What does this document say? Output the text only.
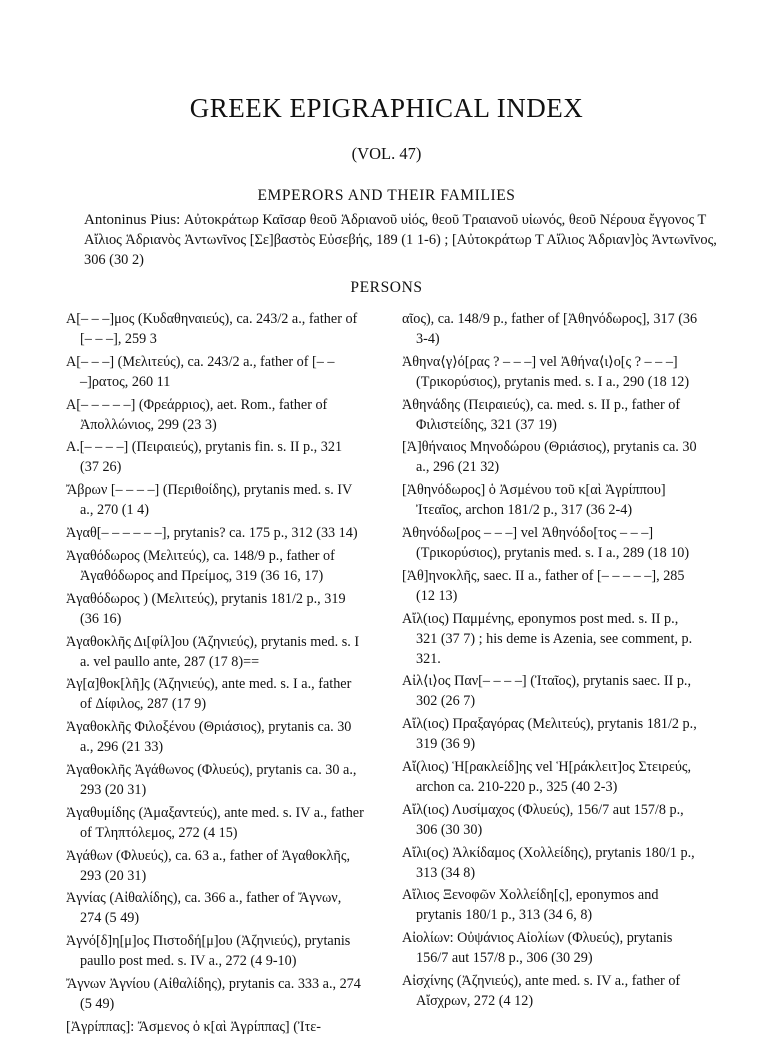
GREEK EPIGRAPHICAL INDEX
(VOL. 47)
EMPERORS AND THEIR FAMILIES
Antoninus Pius: Αὐτοκράτωρ Καῖσαρ θεοῦ Ἁδριανοῦ υἱός, θεοῦ Τραιανοῦ υἱωνός, θεοῦ Νέρουα ἔγγονος Τ Αἴλιος Ἁδριανὸς Ἀντωνῖνος [Σε]βαστὸς Εὐσεβής, 189 (1 1-6) ; [Αὐτοκράτωρ Τ Αἴλιος Ἁδριαν]ὸς Ἀντωνῖνος, 306 (30 2)
PERSONS
Α[– – –]μος (Κυδαθηναιεύς), ca. 243/2 a., father of [– – –], 259 3
Α[– – –] (Μελιτεύς), ca. 243/2 a., father of [– – –]ρατος, 260 11
Α[– – – – –] (Φρεάρριος), aet. Rom., father of Ἀπολλώνιος, 299 (23 3)
Α.[– – – –] (Πειραιεύς), prytanis fin. s. II p., 321 (37 26)
Ἄβρων [– – – –] (Περιθοίδης), prytanis med. s. IV a., 270 (1 4)
Ἀγαθ[– – – – – –], prytanis? ca. 175 p., 312 (33 14)
Ἀγαθόδωρος (Μελιτεύς), ca. 148/9 p., father of Ἀγαθόδωρος and Πρείμος, 319 (36 16, 17)
Ἀγαθόδωρος ) (Μελιτεύς), prytanis 181/2 p., 319 (36 16)
Ἀγαθοκλῆς Δι[φίλ]ου (Ἀζηνιεύς), prytanis med. s. I a. vel paullo ante, 287 (17 8)==
Ἀγ[α]θοκ[λῆ]ς (Ἀζηνιεύς), ante med. s. I a., father of Δίφιλος, 287 (17 9)
Ἀγαθοκλῆς Φιλοξένου (Θριάσιος), prytanis ca. 30 a., 296 (21 33)
Ἀγαθοκλῆς Ἀγάθωνος (Φλυεύς), prytanis ca. 30 a., 293 (20 31)
Ἀγαθυμίδης (Ἀμαξαντεύς), ante med. s. IV a., father of Τληπτόλεμος, 272 (4 15)
Ἀγάθων (Φλυεύς), ca. 63 a., father of Ἀγαθοκλῆς, 293 (20 31)
Ἀγνίας (Αἰθαλίδης), ca. 366 a., father of Ἄγνων, 274 (5 49)
Ἀγνό[δ]η[μ]ος Πιστοδή[μ]ου (Ἀζηνιεύς), prytanis paullo post med. s. IV a., 272 (4 9-10)
Ἄγνων Ἀγνίου (Αἰθαλίδης), prytanis ca. 333 a., 274 (5 49)
[Ἀγρίππας]: Ἄσμενος ὁ κ[αὶ Ἀγρίππας] (Ἰτε-
αῖος), ca. 148/9 p., father of [Ἀθηνόδωρος], 317 (36 3-4)
Ἀθηνα⟨γ⟩ό[ρας ? – – –] vel Ἀθήνα⟨ι⟩ο[ς ? – – –] (Τρικορύσιος), prytanis med. s. I a., 290 (18 12)
Ἀθηνάδης (Πειραιεύς), ca. med. s. II p., father of Φιλιστείδης, 321 (37 19)
[Ἀ]θήναιος Μηνοδώρου (Θριάσιος), prytanis ca. 30 a., 296 (21 32)
[Ἀθηνόδωρος] ὁ Ἀσμένου τοῦ κ[αὶ Ἀγρίππου] Ἰτεαῖος, archon 181/2 p., 317 (36 2-4)
Ἀθηνόδω[ρος – – –] vel Ἀθηνόδο[τος – – –] (Τρικορύσιος), prytanis med. s. I a., 289 (18 10)
[Ἀθ]ηνοκλῆς, saec. II a., father of [– – – – –], 285 (12 13)
Αἴλ(ιος) Παμμένης, eponymos post med. s. II p., 321 (37 7) ; his deme is Azenia, see comment, p. 321.
Αἰλ⟨ι⟩ος Παν[– – – –] (Ἰταῖος), prytanis saec. II p., 302 (26 7)
Αἴλ(ιος) Πραξαγόρας (Μελιτεύς), prytanis 181/2 p., 319 (36 9)
Αἴ(λιος) Ἡ[ρακλείδ]ης vel Ἡ[ράκλειτ]ος Στειρεύς, archon ca. 210-220 p., 325 (40 2-3)
Αἴλ(ιος) Λυσίμαχος (Φλυεύς), 156/7 aut 157/8 p., 306 (30 30)
Αἴλι(ος) Ἀλκίδαμος (Χολλείδης), prytanis 180/1 p., 313 (34 8)
Αἴλιος Ξενοφῶν Χολλείδη[ς], eponymos and prytanis 180/1 p., 313 (34 6, 8)
Αἰολίων: Οὐψάνιος Αἰολίων (Φλυεύς), prytanis 156/7 aut 157/8 p., 306 (30 29)
Αἰσχίνης (Ἀζηνιεύς), ante med. s. IV a., father of Αἴσχρων, 272 (4 12)
